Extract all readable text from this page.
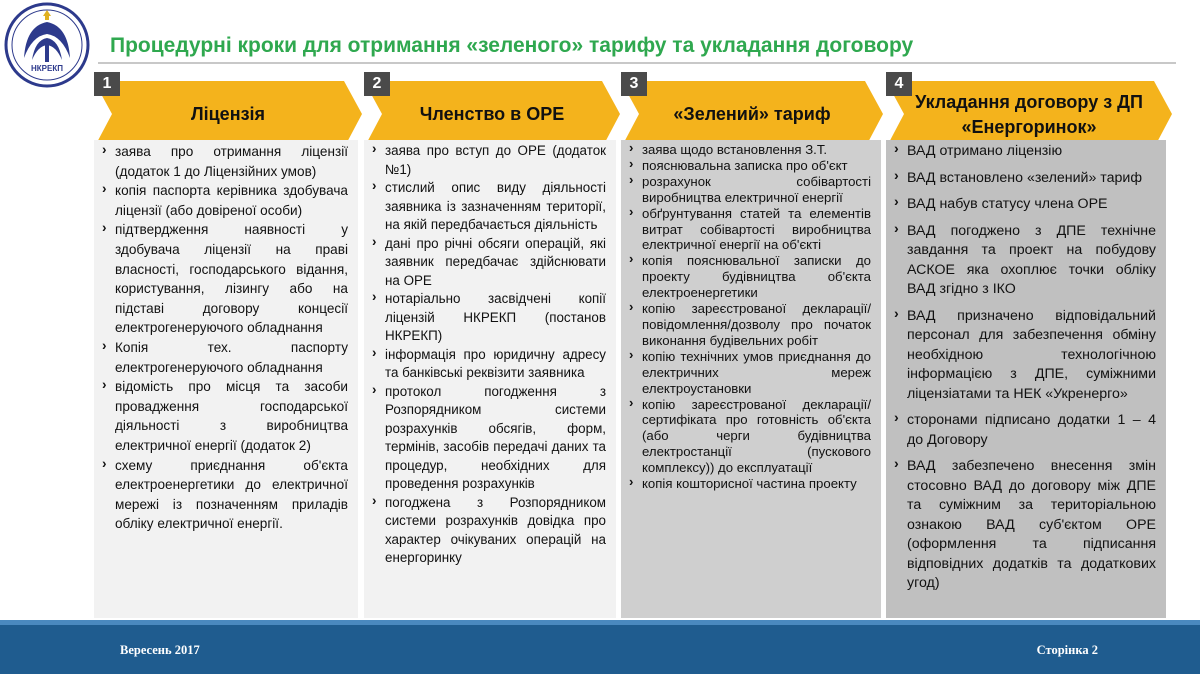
НКРЕКП
Процедурні кроки для отримання «зеленого» тарифу та укладання договору
Ліцензія
1
Членство в ОРЕ
2
«Зелений» тариф
3
Укладання договору з ДП «Енергоринок»
4
› заява про отримання ліцензії (додаток 1 до Ліцензійних умов)
› копія паспорта керівника здобувача ліцензії (або довіреної особи)
› підтвердження наявності у здобувача ліцензії на праві власності, господарського відання, користування, лізингу або на підставі договору концесії електрогенеруючого обладнання
› Копія тех. паспорту електрогенеруючого обладнання
› відомість про місця та засоби провадження господарської діяльності з виробництва електричної енергії (додаток 2)
› схему приєднання об'єкта електроенергетики до електричної мережі із позначенням приладів обліку електричної енергії.
› заява про вступ до ОРЕ (додаток №1)
› стислий опис виду діяльності заявника із зазначенням території, на якій передбачається діяльність
› дані про річні обсяги операцій, які заявник передбачає здійснювати на ОРЕ
› нотаріально засвідчені копії ліцензій НКРЕКП (постанов НКРЕКП)
› інформація про юридичну адресу та банківські реквізити заявника
› протокол погодження з Розпорядником системи розрахунків обсягів, форм, термінів, засобів передачі даних та процедур, необхідних для проведення розрахунків
› погоджена з Розпорядником системи розрахунків довідка про характер очікуваних операцій на енергоринку
› заява щодо встановлення З.Т.
› пояснювальна записка про об'єкт
› розрахунок собівартості виробництва електричної енергії
› обґрунтування статей та елементів витрат собівартості виробництва електричної енергії на об'єкті
› копія пояснювальної записки до проекту будівництва об'єкта електроенергетики
› копію зареєстрованої декларації/повідомлення/дозволу про початок виконання будівельних робіт
› копію технічних умов приєднання до електричних мереж електроустановки
› копію зареєстрованої декларації/сертифіката про готовність об'єкта (або черги будівництва електростанції (пускового комплексу)) до експлуатації
› копія кошторисної частина проекту
› ВАД отримано ліцензію
› ВАД встановлено «зелений» тариф
› ВАД набув статусу члена ОРЕ
› ВАД погоджено з ДПЕ технічне завдання та проект на побудову АСКОЕ яка охоплює точки обліку ВАД згідно з ІКО
› ВАД призначено відповідальний персонал для забезпечення обміну необхідною технологічною інформацією з ДПЕ, суміжними ліцензіатами та НЕК «Укренерго»
› сторонами підписано додатки 1 – 4 до Договору
› ВАД забезпечено внесення змін стосовно ВАД до договору між ДПЕ та суміжним за територіальною ознакою ВАД суб'єктом ОРЕ (оформлення та підписання відповідних додатків та додаткових угод)
Вересень 2017	Сторінка 2
